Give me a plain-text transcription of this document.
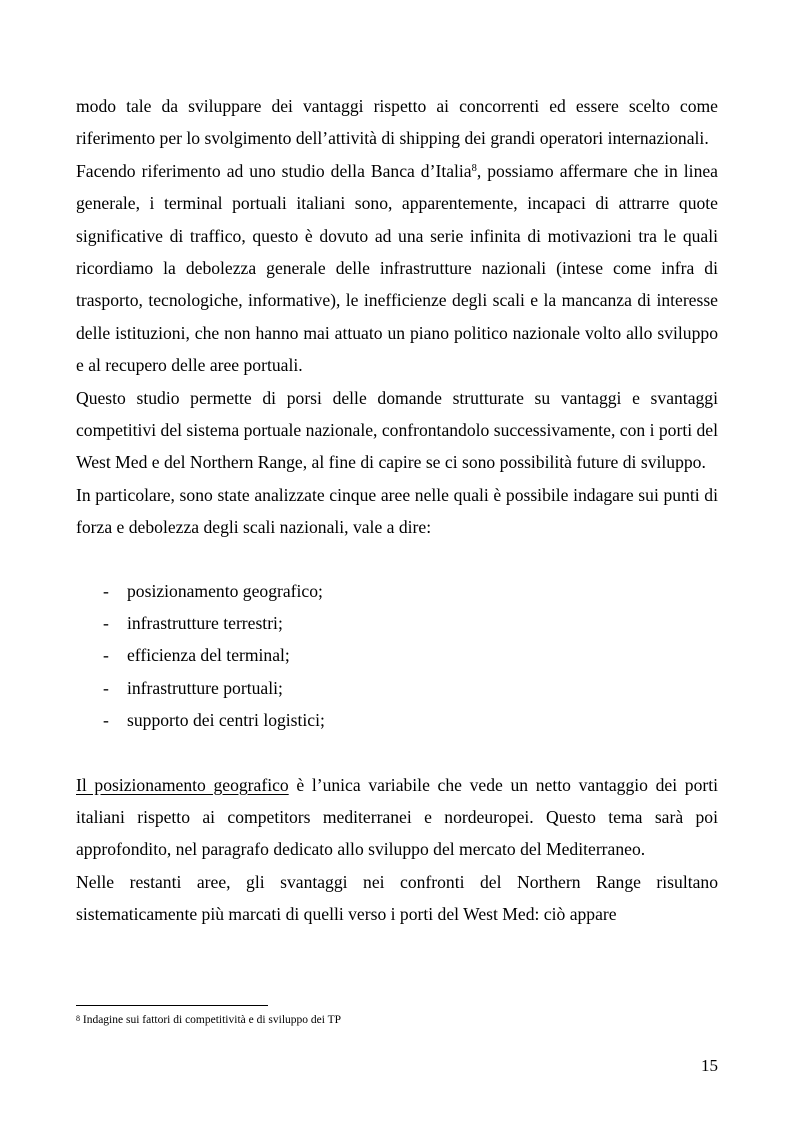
modo tale da sviluppare dei vantaggi rispetto ai concorrenti ed essere scelto come riferimento per lo svolgimento dell’attività di shipping dei grandi operatori internazionali.

Facendo riferimento ad uno studio della Banca d’Italia$^8$, possiamo affermare che in linea generale, i terminal portuali italiani sono, apparentemente, incapaci di attrarre quote significative di traffico, questo è dovuto ad una serie infinita di motivazioni tra le quali ricordiamo la debolezza generale delle infrastrutture nazionali (intese come infra di trasporto, tecnologiche, informative), le inefficienze degli scali e la mancanza di interesse delle istituzioni, che non hanno mai attuato un piano politico nazionale volto allo sviluppo e al recupero delle aree portuali.

Questo studio permette di porsi delle domande strutturate su vantaggi e svantaggi competitivi del sistema portuale nazionale, confrontandolo successivamente, con i porti del West Med e del Northern Range, al fine di capire se ci sono possibilità future di sviluppo.

In particolare, sono state analizzate cinque aree nelle quali è possibile indagare sui punti di forza e debolezza degli scali nazionali, vale a dire:

- posizionamento geografico;
- infrastrutture terrestri;
- efficienza del terminal;
- infrastrutture portuali;
- supporto dei centri logistici;

Il posizionamento geografico è l’unica variabile che vede un netto vantaggio dei porti italiani rispetto ai competitors mediterranei e nordeuropei. Questo tema sarà poi approfondito, nel paragrafo dedicato allo sviluppo del mercato del Mediterraneo.

Nelle restanti aree, gli svantaggi nei confronti del Northern Range risultano sistematicamente più marcati di quelli verso i porti del West Med: ciò appare

$^8$ Indagine sui fattori di competitività e di sviluppo dei TP
15
